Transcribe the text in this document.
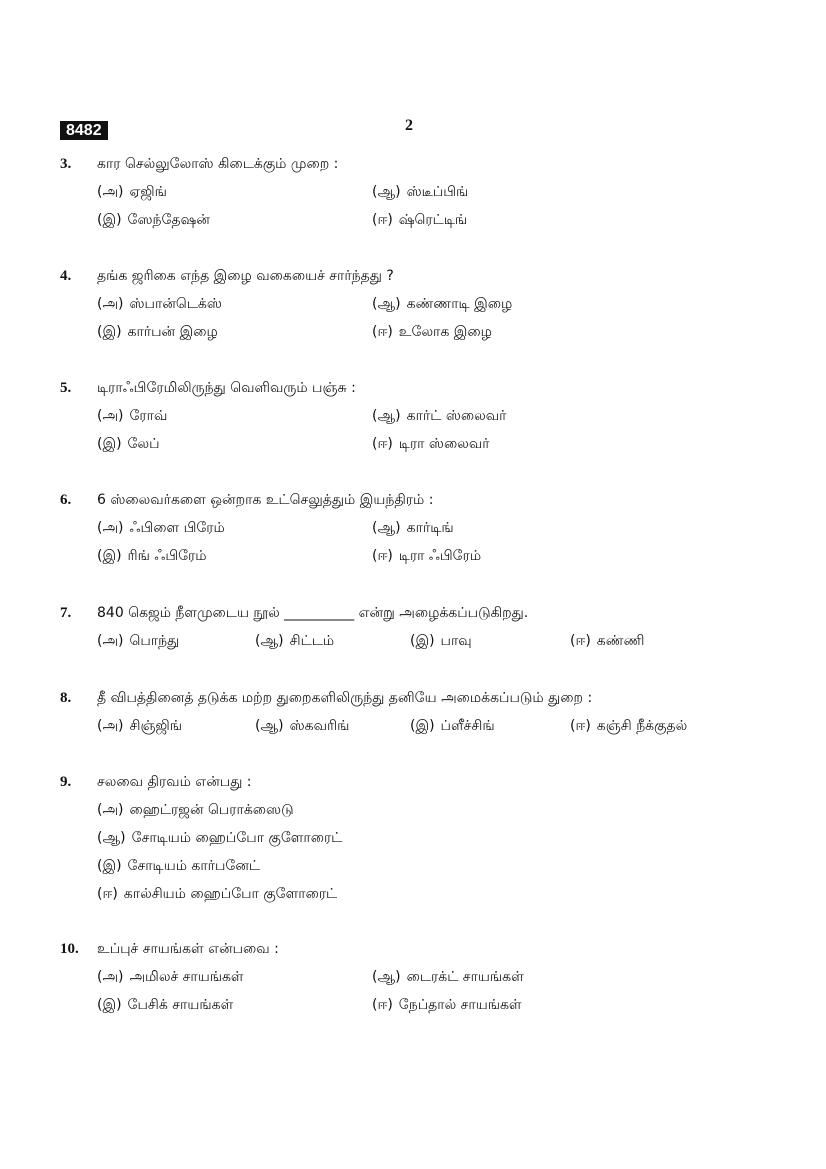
8482	2
3. கார செல்லுலோஸ் கிடைக்கும் முறை :
(அ) ஏஜிங்	(ஆ) ஸ்டீப்பிங்
(இ) ஸேந்தேஷன்	(ஈ) ஷ்ரெட்டிங்
4. தங்க ஜரிகை எந்த இழை வகையைச் சார்ந்தது ?
(அ) ஸ்பான்டெக்ஸ்	(ஆ) கண்ணாடி இழை
(இ) கார்பன் இழை	(ஈ) உலோக இழை
5. டிராஃபிரேமிலிருந்து வெளிவரும் பஞ்சு :
(அ) ரோவ்	(ஆ) கார்ட் ஸ்லைவர்
(இ) லேப்	(ஈ) டிரா ஸ்லைவர்
6. 6 ஸ்லைவர்களை ஒன்றாக உட்செலுத்தும் இயந்திரம் :
(அ) ஃபிளை பிரேம்	(ஆ) கார்டிங்
(இ) ரிங் ஃபிரேம்	(ஈ) டிரா ஃபிரேம்
7. 840 கெஜம் நீளமுடைய நூல் __________ என்று அழைக்கப்படுகிறது.
(அ) பொந்து	(ஆ) சிட்டம்	(இ) பாவு	(ஈ) கண்ணி
8. தீ விபத்தினைத் தடுக்க மற்ற துறைகளிலிருந்து தனியே அமைக்கப்படும் துறை :
(அ) சிஞ்ஜிங்	(ஆ) ஸ்கவரிங்	(இ) ப்ளீச்சிங்	(ஈ) கஞ்சி நீக்குதல்
9. சலவை திரவம் என்பது :
(அ) ஹைட்ரஜன் பெராக்ஸைடு
(ஆ) சோடியம் ஹைப்போ குளோரைட்
(இ) சோடியம் கார்பனேட்
(ஈ) கால்சியம் ஹைப்போ குளோரைட்
10. உப்புச் சாயங்கள் என்பவை :
(அ) அமிலச் சாயங்கள்	(ஆ) டைரக்ட் சாயங்கள்
(இ) பேசிக் சாயங்கள்	(ஈ) நேப்தால் சாயங்கள்
